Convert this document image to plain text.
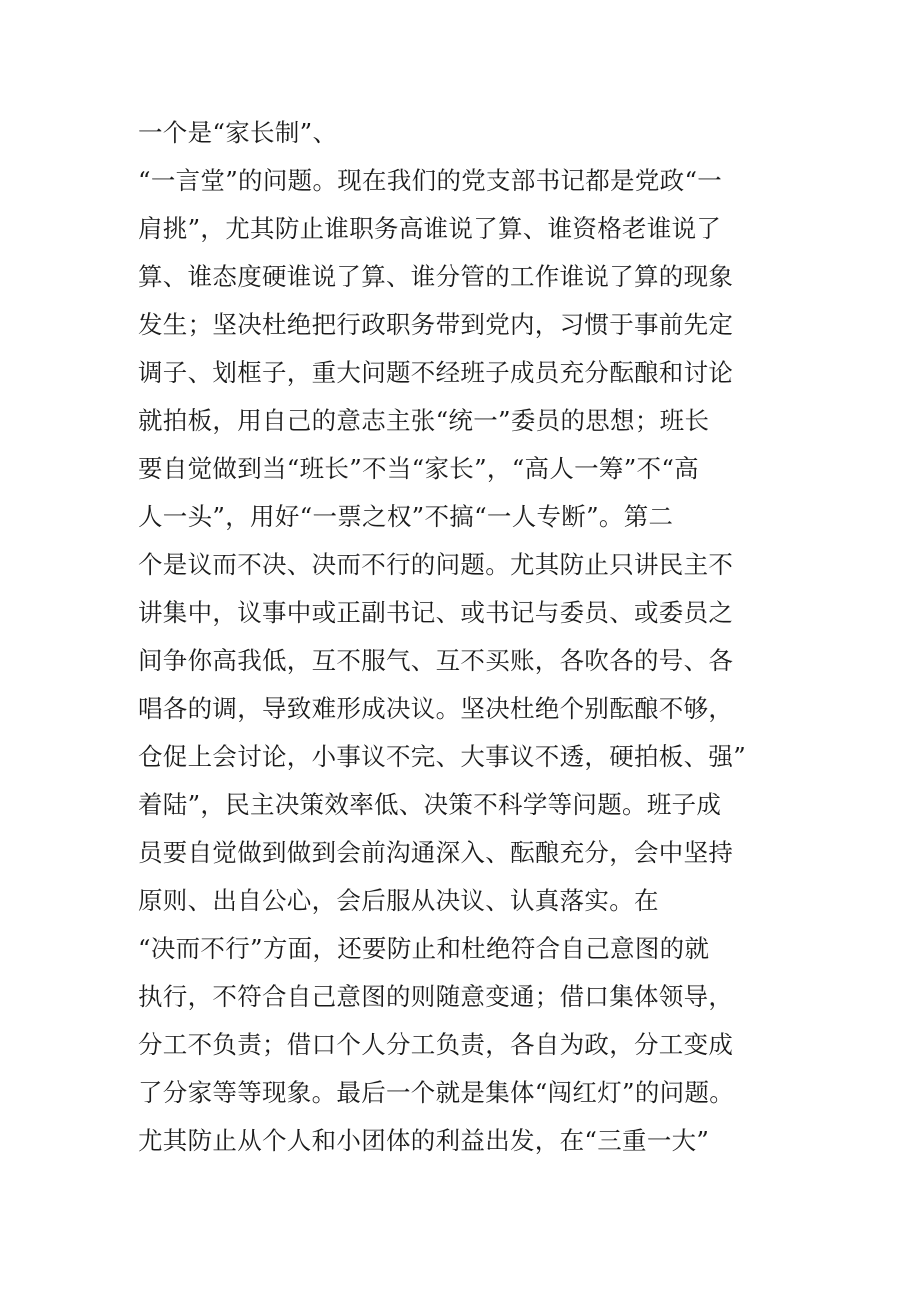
一个是“家长制”、
“一言堂”的问题。现在我们的党支部书记都是党政“一
肩挑”，尤其防止谁职务高谁说了算、谁资格老谁说了
算、谁态度硬谁说了算、谁分管的工作谁说了算的现象
发生；坚决杜绝把行政职务带到党内，习惯于事前先定
调子、划框子，重大问题不经班子成员充分酝酿和讨论
就拍板，用自己的意志主张“统一”委员的思想；班长
要自觉做到当“班长”不当“家长”，“高人一筹”不“高
人一头”，用好“一票之权”不搞“一人专断”。第二
个是议而不决、决而不行的问题。尤其防止只讲民主不
讲集中，议事中或正副书记、或书记与委员、或委员之
间争你高我低，互不服气、互不买账，各吹各的号、各
唱各的调，导致难形成决议。坚决杜绝个别酝酿不够，
仓促上会讨论，小事议不完、大事议不透，硬拍板、强”
着陆”，民主决策效率低、决策不科学等问题。班子成
员要自觉做到做到会前沟通深入、酝酿充分，会中坚持
原则、出自公心，会后服从决议、认真落实。在
“决而不行”方面，还要防止和杜绝符合自己意图的就
执行，不符合自己意图的则随意变通；借口集体领导，
分工不负责；借口个人分工负责，各自为政，分工变成
了分家等等现象。最后一个就是集体“闯红灯”的问题。
尤其防止从个人和小团体的利益出发，在“三重一大”
